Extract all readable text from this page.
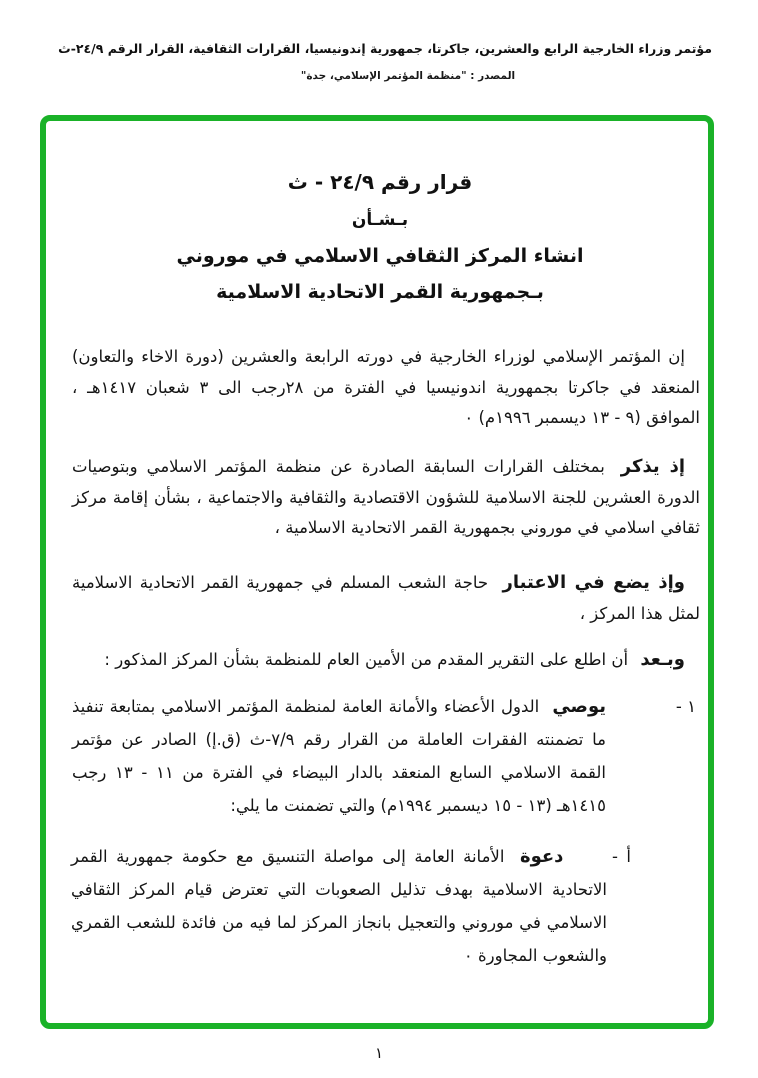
مؤتمر وزراء الخارجية الرابع والعشرين، جاكرتا، جمهورية إندونيسيا، القرارات الثقافية، القرار الرقم ٢٤/٩-ث
المصدر : "منظمة المؤتمر الإسلامي، جدة"
قرار رقم ٢٤/٩ - ث
بـشـأن
انشاء المركز الثقافي الاسلامي في موروني
بـجمهورية القمر الاتحادية الاسلامية

إن المؤتمر الإسلامي لوزراء الخارجية في دورته الرابعة والعشرين (دورة الاخاء والتعاون) المنعقد في جاكرتا بجمهورية اندونيسيا في الفترة من ٢٨رجب الى ٣ شعبان ١٤١٧هـ ، الموافق (٩ - ١٣ ديسمبر ١٩٩٦م) ٠

إذ يذكر بمختلف القرارات السابقة الصادرة عن منظمة المؤتمر الاسلامي وبتوصيات الدورة العشرين للجنة الاسلامية للشؤون الاقتصادية والثقافية والاجتماعية ، بشأن إقامة مركز ثقافي اسلامي في موروني بجمهورية القمر الاتحادية الاسلامية ،

وإذ يضع في الاعتبار حاجة الشعب المسلم في جمهورية القمر الاتحادية الاسلامية لمثل هذا المركز ،

وبـعد أن اطلع على التقرير المقدم من الأمين العام للمنظمة بشأن المركز المذكور :

١ -
يوصي الدول الأعضاء والأمانة العامة لمنظمة المؤتمر الاسلامي بمتابعة تنفيذ ما تضمنته الفقرات العاملة من القرار رقم ٧/٩-ث (ق.إ) الصادر عن مؤتمر القمة الاسلامي السابع المنعقد بالدار البيضاء في الفترة من ١١ - ١٣ رجب ١٤١٥هـ (١٣ - ١٥ ديسمبر ١٩٩٤م) والتي تضمنت ما يلي:

أ - دعوة الأمانة العامة إلى مواصلة التنسيق مع حكومة جمهورية القمر الاتحادية الاسلامية بهدف تذليل الصعوبات التي تعترض قيام المركز الثقافي الاسلامي في موروني والتعجيل بانجاز المركز لما فيه من فائدة للشعب القمري والشعوب المجاورة ٠

١
